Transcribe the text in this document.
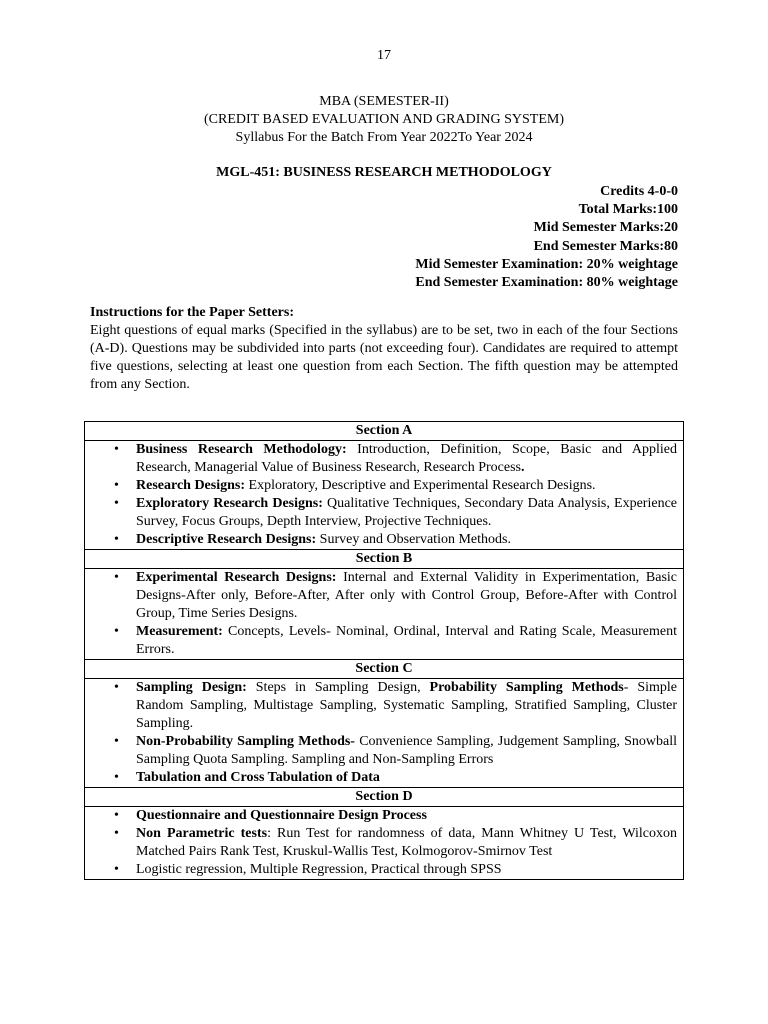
17
MBA (SEMESTER-II)
(CREDIT BASED EVALUATION AND GRADING SYSTEM)
Syllabus For the Batch From Year 2022To Year 2024
MGL-451: BUSINESS RESEARCH METHODOLOGY
Credits 4-0-0
Total Marks:100
Mid Semester Marks:20
End Semester Marks:80
Mid Semester Examination: 20% weightage
End Semester Examination: 80% weightage
Instructions for the Paper Setters:
Eight questions of equal marks (Specified in the syllabus) are to be set, two in each of the four Sections (A-D). Questions may be subdivided into parts (not exceeding four). Candidates are required to attempt five questions, selecting at least one question from each Section. The fifth question may be attempted from any Section.
Section A

• Business Research Methodology: Introduction, Definition, Scope, Basic and Applied Research, Managerial Value of Business Research, Research Process.
• Research Designs: Exploratory, Descriptive and Experimental Research Designs.
• Exploratory Research Designs: Qualitative Techniques, Secondary Data Analysis, Experience Survey, Focus Groups, Depth Interview, Projective Techniques.
• Descriptive Research Designs: Survey and Observation Methods.

Section B

• Experimental Research Designs: Internal and External Validity in Experimentation, Basic Designs-After only, Before-After, After only with Control Group, Before-After with Control Group, Time Series Designs.
• Measurement: Concepts, Levels- Nominal, Ordinal, Interval and Rating Scale, Measurement Errors.

Section C

• Sampling Design: Steps in Sampling Design, Probability Sampling Methods- Simple Random Sampling, Multistage Sampling, Systematic Sampling, Stratified Sampling, Cluster Sampling.
• Non-Probability Sampling Methods- Convenience Sampling, Judgement Sampling, Snowball Sampling Quota Sampling. Sampling and Non-Sampling Errors
• Tabulation and Cross Tabulation of Data

Section D

• Questionnaire and Questionnaire Design Process
• Non Parametric tests: Run Test for randomness of data, Mann Whitney U Test, Wilcoxon Matched Pairs Rank Test, Kruskul-Wallis Test, Kolmogorov-Smirnov Test
• Logistic regression, Multiple Regression, Practical through SPSS
